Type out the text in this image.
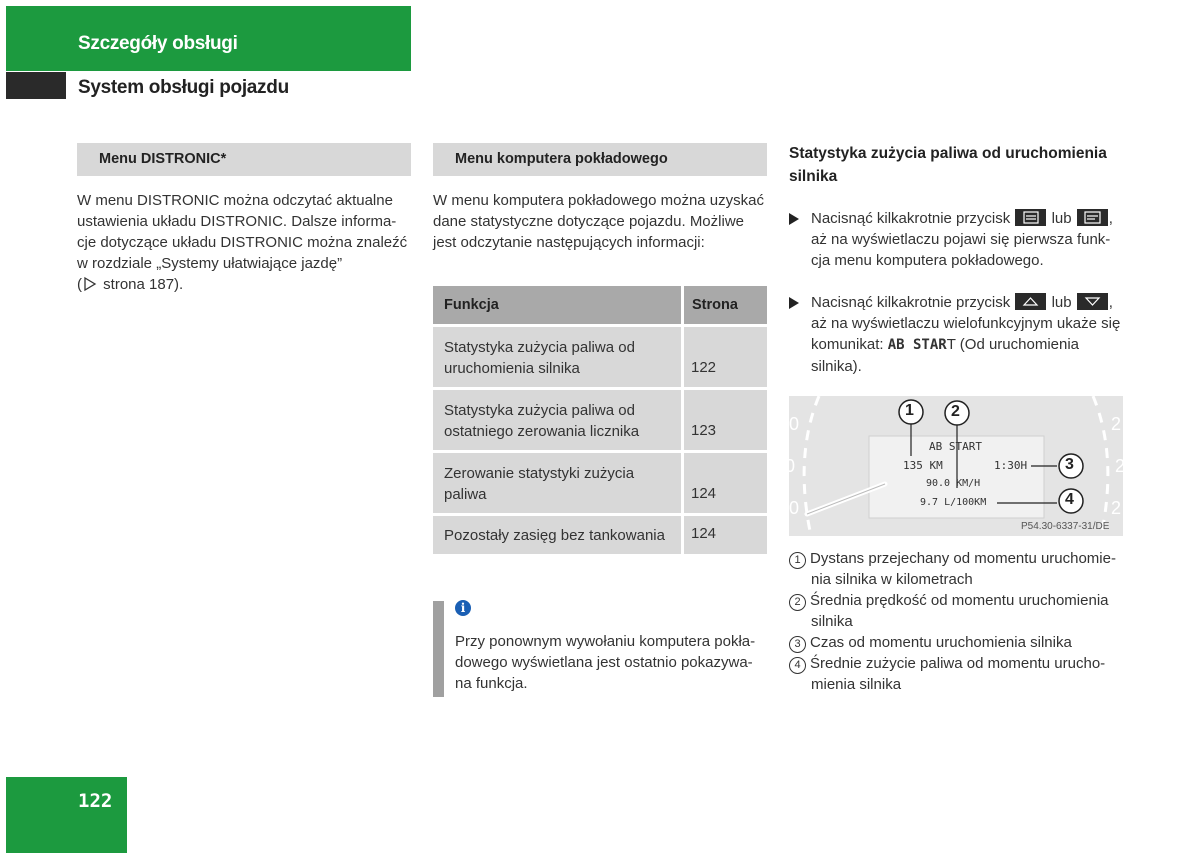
Szczegóły obsługi
System obsługi pojazdu
Menu DISTRONIC*
W menu DISTRONIC można odczytać aktualne
ustawienia układu DISTRONIC. Dalsze informa-
cje dotyczące układu DISTRONIC można znaleźć
w rozdziale „Systemy ułatwiające jazdę”
( strona 187).
Menu komputera pokładowego
W menu komputera pokładowego można uzyskać
dane statystyczne dotyczące pojazdu. Możliwe
jest odczytanie następujących informacji:
Funkcja	Strona
Statystyka zużycia paliwa od
uruchomienia silnika	122
Statystyka zużycia paliwa od
ostatniego zerowania licznika	123
Zerowanie statystyki zużycia
paliwa	124
Pozostały zasięg bez tankowania	124
i
Przy ponownym wywołaniu komputera pokła-
dowego wyświetlana jest ostatnio pokazywa-
na funkcja.
Statystyka zużycia paliwa od uruchomienia silnika
Nacisnąć kilkakrotnie przycisk	lub ,
aż na wyświetlaczu pojawi się pierwsza funk-
cja menu komputera pokładowego.
Nacisnąć kilkakrotnie przycisk	lub ,
aż na wyświetlaczu wielofunkcyjnym ukaże się
komunikat: AB START (Od uruchomienia
silnika).
1 2
3
4
AB START
135 KM	1:30H
90.0 KM/H
9.7 L/100KM
0
0
0
2
2
2
P54.30-6337-31/DE
1 Dystans przejechany od momentu uruchomie-
nia silnika w kilometrach
2 Średnia prędkość od momentu uruchomienia
silnika
3 Czas od momentu uruchomienia silnika
4 Średnie zużycie paliwa od momentu urucho-
mienia silnika
122
